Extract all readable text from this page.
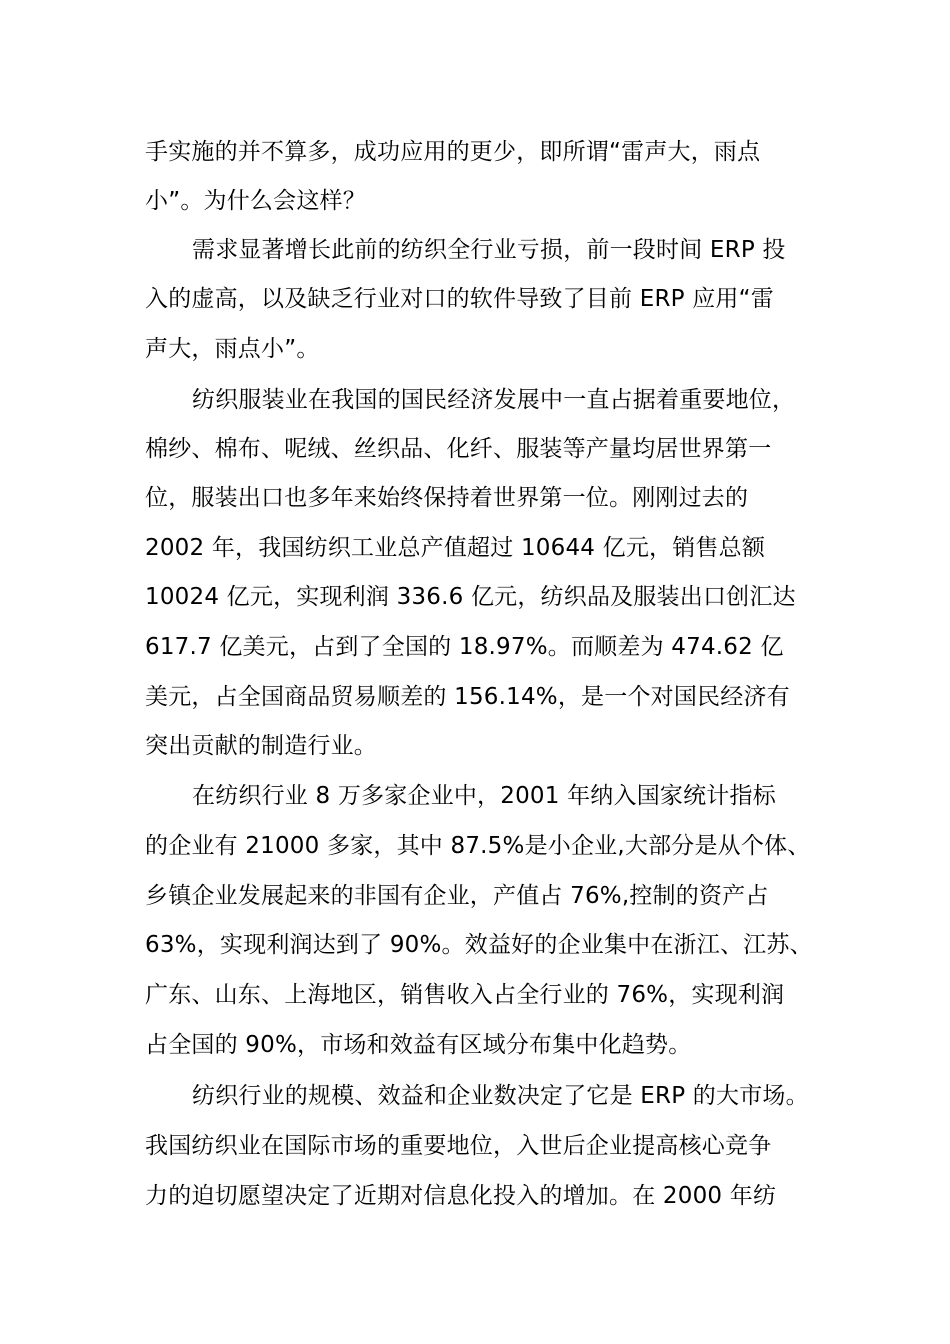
手实施的并不算多，成功应用的更少，即所谓“雷声大，雨点
小”。为什么会这样？
需求显著增长此前的纺织全行业亏损，前一段时间 ERP 投
入的虚高，以及缺乏行业对口的软件导致了目前 ERP 应用“雷
声大，雨点小”。
纺织服装业在我国的国民经济发展中一直占据着重要地位，
棉纱、棉布、呢绒、丝织品、化纤、服装等产量均居世界第一
位，服装出口也多年来始终保持着世界第一位。刚刚过去的
2002 年，我国纺织工业总产值超过 10644 亿元，销售总额
10024 亿元，实现利润 336.6 亿元，纺织品及服装出口创汇达
617.7 亿美元，占到了全国的 18.97%。而顺差为 474.62 亿
美元，占全国商品贸易顺差的 156.14%，是一个对国民经济有
突出贡献的制造行业。
在纺织行业 8 万多家企业中，2001 年纳入国家统计指标
的企业有 21000 多家，其中 87.5%是小企业,大部分是从个体、
乡镇企业发展起来的非国有企业，产值占 76%,控制的资产占
63%，实现利润达到了 90%。效益好的企业集中在浙江、江苏、
广东、山东、上海地区，销售收入占全行业的 76%，实现利润
占全国的 90%，市场和效益有区域分布集中化趋势。
纺织行业的规模、效益和企业数决定了它是 ERP 的大市场。
我国纺织业在国际市场的重要地位，入世后企业提高核心竞争
力的迫切愿望决定了近期对信息化投入的增加。在 2000 年纺
